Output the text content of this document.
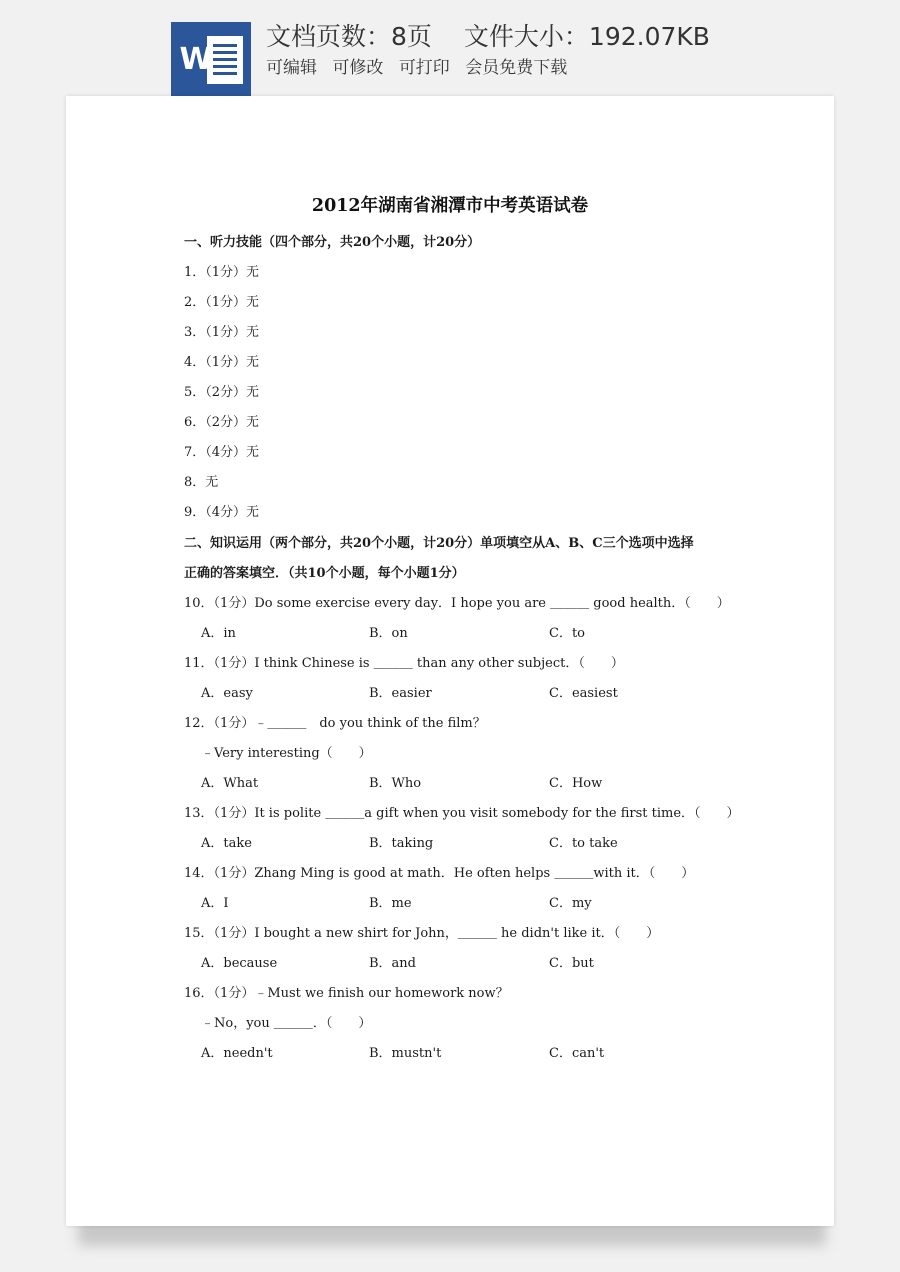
W
文档页数：8页 文件大小：192.07KB
可编辑 可修改 可打印 会员免费下载
2012年湖南省湘潭市中考英语试卷
一、听力技能（四个部分，共20个小题，计20分）
1．（1分）无
2．（1分）无
3．（1分）无
4．（1分）无
5．（2分）无
6．（2分）无
7．（4分）无
8．无
9．（4分）无
二、知识运用（两个部分，共20个小题，计20分）单项填空从A、B、C三个选项中选择
正确的答案填空．（共10个小题，每个小题1分）
10．（1分）Do some exercise every day．I hope you are ＿＿＿ good health．（　　）
A．in	B．on	C．to
11．（1分）I think Chinese is ＿＿＿ than any other subject．（　　）
A．easy	B．easier	C．easiest
12．（1分）﹣＿＿＿　do you think of the film？
﹣Very interesting（　　）
A．What	B．Who	C．How
13．（1分）It is polite ＿＿＿a gift when you visit somebody for the first time．（　　）
A．take	B．taking	C．to take
14．（1分）Zhang Ming is good at math．He often helps ＿＿＿with it．（　　）
A．I	B．me	C．my
15．（1分）I bought a new shirt for John，＿＿＿ he didn't like it．（　　）
A．because	B．and	C．but
16．（1分）﹣Must we finish our homework now？
﹣No，you ＿＿＿．（　　）
A．needn't	B．mustn't	C．can't
